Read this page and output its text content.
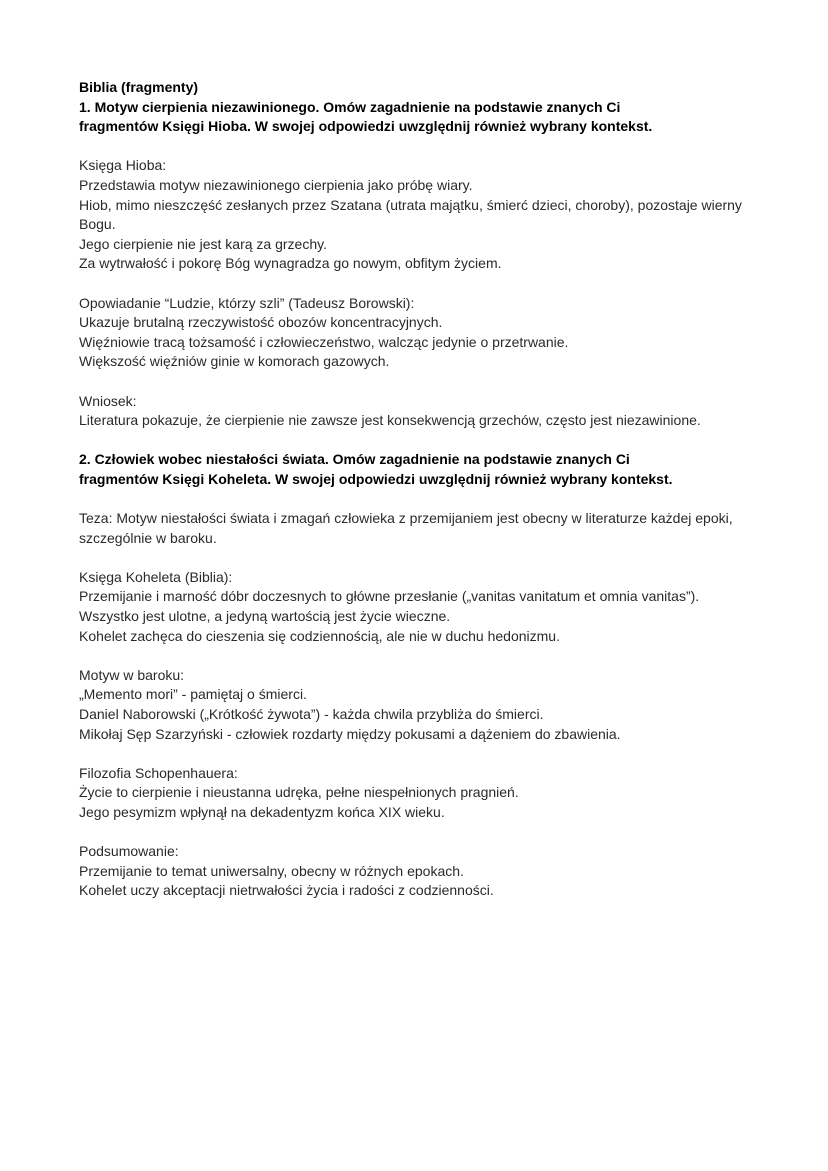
Biblia (fragmenty)
1. Motyw cierpienia niezawinionego. Omów zagadnienie na podstawie znanych Ci
fragmentów Księgi Hioba. W swojej odpowiedzi uwzględnij również wybrany kontekst.
Księga Hioba:
Przedstawia motyw niezawinionego cierpienia jako próbę wiary.
Hiob, mimo nieszczęść zesłanych przez Szatana (utrata majątku, śmierć dzieci, choroby), pozostaje wierny
Bogu.
Jego cierpienie nie jest karą za grzechy.
Za wytrwałość i pokorę Bóg wynagradza go nowym, obfitym życiem.
Opowiadanie “Ludzie, którzy szli” (Tadeusz Borowski):
Ukazuje brutalną rzeczywistość obozów koncentracyjnych.
Więźniowie tracą tożsamość i człowieczeństwo, walcząc jedynie o przetrwanie.
Większość więźniów ginie w komorach gazowych.
Wniosek:
Literatura pokazuje, że cierpienie nie zawsze jest konsekwencją grzechów, często jest niezawinione.
2. Człowiek wobec niestałości świata. Omów zagadnienie na podstawie znanych Ci
fragmentów Księgi Koheleta. W swojej odpowiedzi uwzględnij również wybrany kontekst.
Teza: Motyw niestałości świata i zmagań człowieka z przemijaniem jest obecny w literaturze każdej epoki,
szczególnie w baroku.
Księga Koheleta (Biblia):
Przemijanie i marność dóbr doczesnych to główne przesłanie („vanitas vanitatum et omnia vanitas”).
Wszystko jest ulotne, a jedyną wartością jest życie wieczne.
Kohelet zachęca do cieszenia się codziennością, ale nie w duchu hedonizmu.
Motyw w baroku:
„Memento mori” - pamiętaj o śmierci.
Daniel Naborowski („Krótkość żywota”) - każda chwila przybliża do śmierci.
Mikołaj Sęp Szarzyński - człowiek rozdarty między pokusami a dążeniem do zbawienia.
Filozofia Schopenhauera:
Życie to cierpienie i nieustanna udręka, pełne niespełnionych pragnień.
Jego pesymizm wpłynął na dekadentyzm końca XIX wieku.
Podsumowanie:
Przemijanie to temat uniwersalny, obecny w różnych epokach.
Kohelet uczy akceptacji nietrwałości życia i radości z codzienności.
